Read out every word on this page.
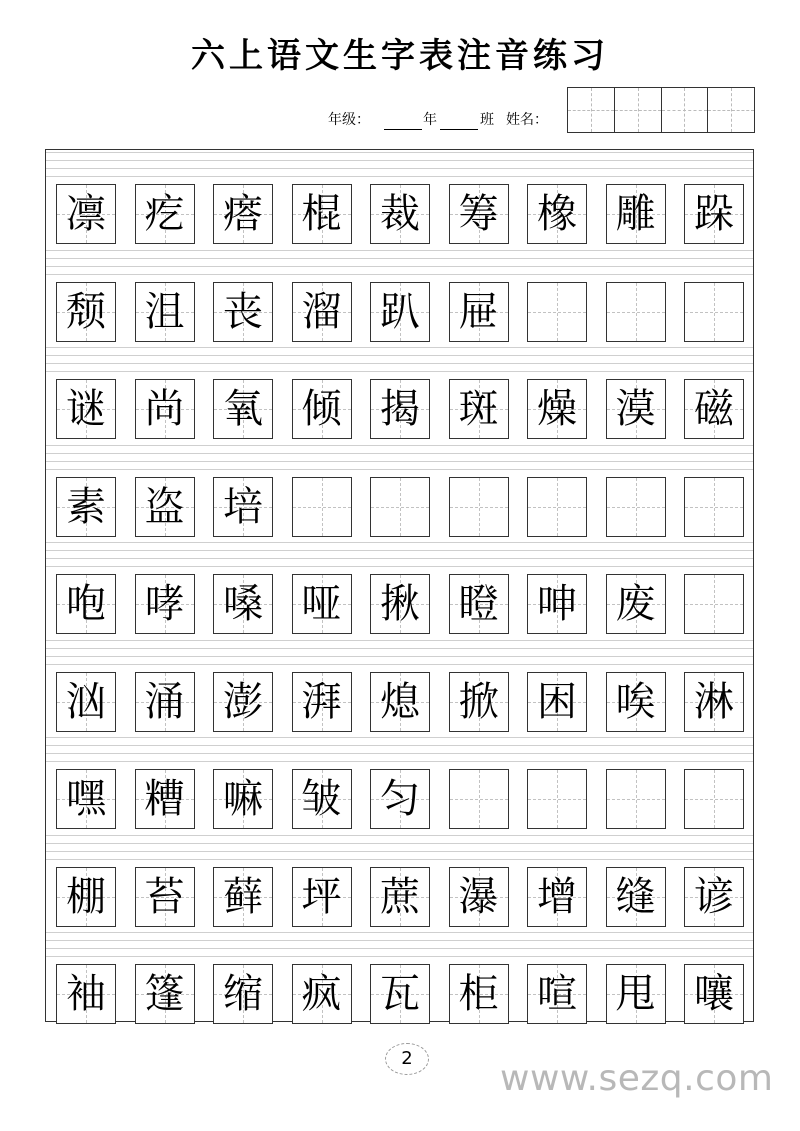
六上语文生字表注音练习
年级：	年	班 姓名：
凛 疙 瘩 棍 裁 筹 橡 雕 跺
颓 沮 丧 溜 趴 屉
谜 尚 氧 倾 揭 斑 燥 漠 磁
素 盗 培
咆 哮 嗓 哑 揪 瞪 呻 废
汹 涌 澎 湃 熄 掀 困 唉 淋
嘿 糟 嘛 皱 匀
棚 苔 藓 坪 蔗 瀑 增 缝 谚
袖 篷 缩 疯 瓦 柜 喧 甩 嚷
2	www.sezq.com
